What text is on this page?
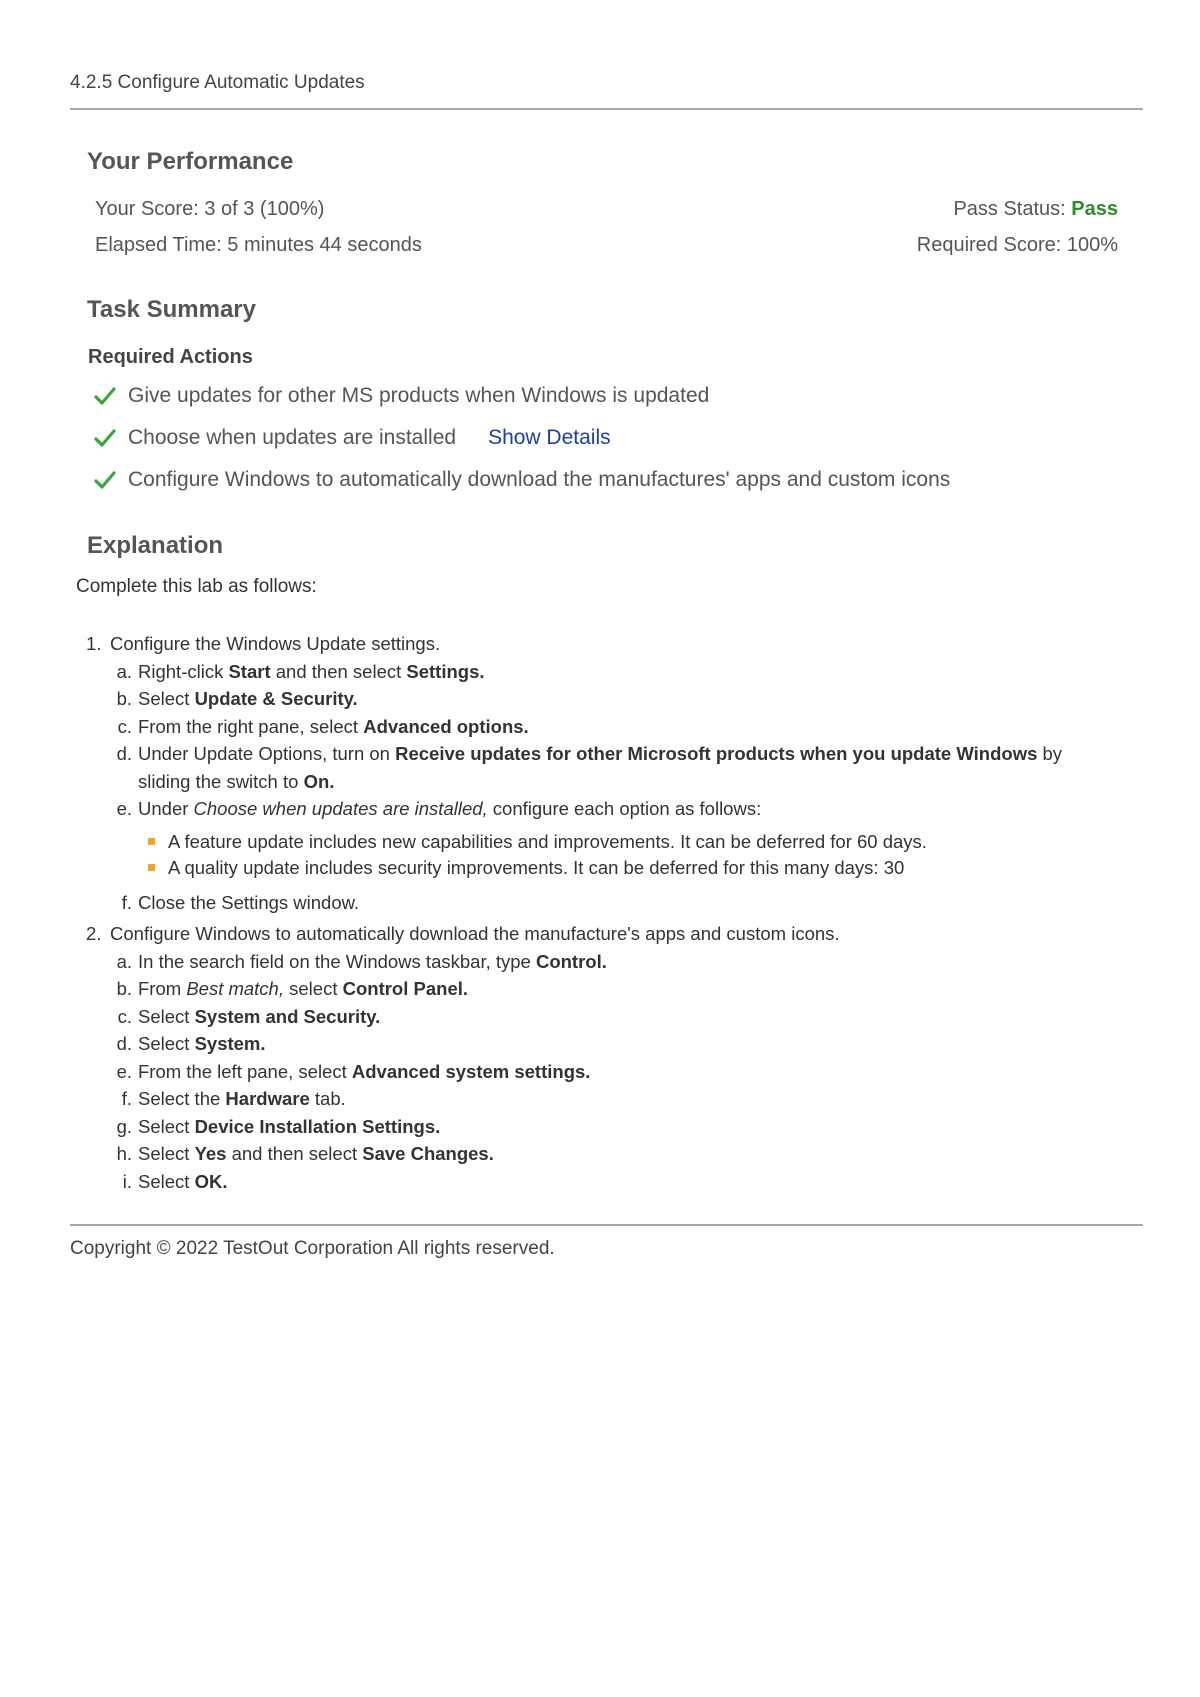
4.2.5 Configure Automatic Updates
Your Performance
Your Score: 3 of 3 (100%)
Elapsed Time: 5 minutes 44 seconds
Pass Status: Pass
Required Score: 100%
Task Summary
Required Actions
Give updates for other MS products when Windows is updated
Choose when updates are installed Show Details
Configure Windows to automatically download the manufactures' apps and custom icons
Explanation
Complete this lab as follows:
1. Configure the Windows Update settings.
a. Right-click Start and then select Settings.
b. Select Update & Security.
c. From the right pane, select Advanced options.
d. Under Update Options, turn on Receive updates for other Microsoft products when you update Windows by sliding the switch to On.
e. Under Choose when updates are installed, configure each option as follows:
A feature update includes new capabilities and improvements. It can be deferred for 60 days.
A quality update includes security improvements. It can be deferred for this many days: 30
f. Close the Settings window.
2. Configure Windows to automatically download the manufacture's apps and custom icons.
a. In the search field on the Windows taskbar, type Control.
b. From Best match, select Control Panel.
c. Select System and Security.
d. Select System.
e. From the left pane, select Advanced system settings.
f. Select the Hardware tab.
g. Select Device Installation Settings.
h. Select Yes and then select Save Changes.
i. Select OK.
Copyright © 2022 TestOut Corporation All rights reserved.
